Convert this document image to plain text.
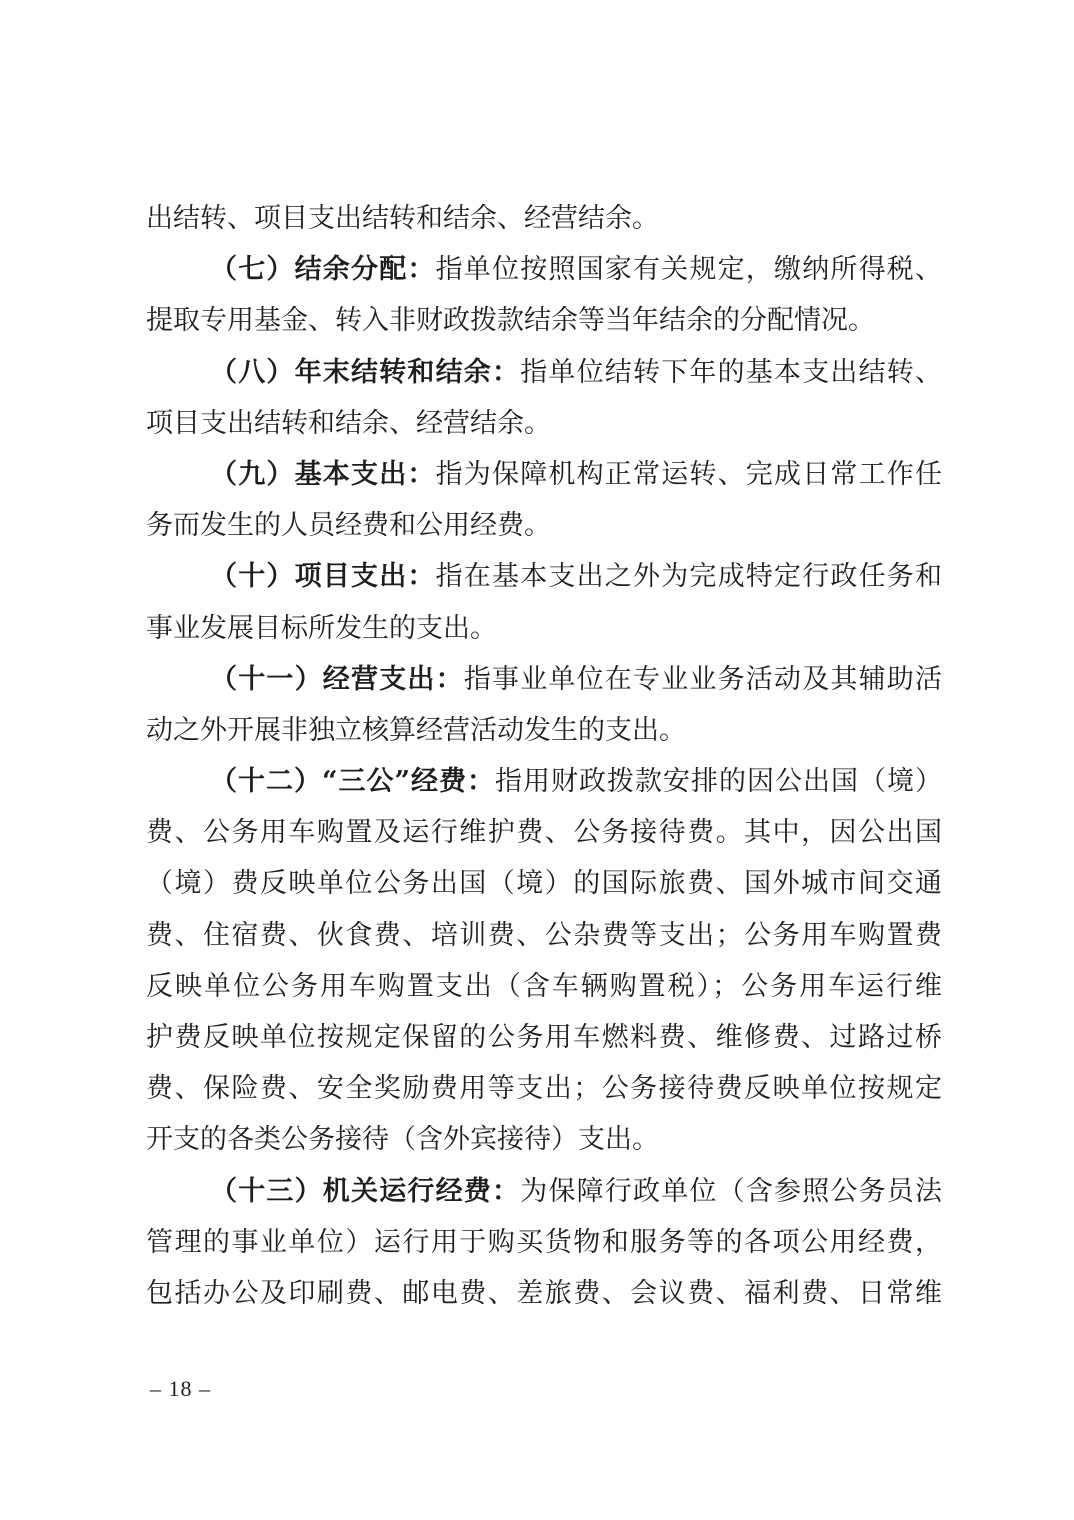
出结转、项目支出结转和结余、经营结余。
（七）结余分配：指单位按照国家有关规定，缴纳所得税、
提取专用基金、转入非财政拨款结余等当年结余的分配情况。
（八）年末结转和结余：指单位结转下年的基本支出结转、
项目支出结转和结余、经营结余。
（九）基本支出：指为保障机构正常运转、完成日常工作任
务而发生的人员经费和公用经费。
（十）项目支出：指在基本支出之外为完成特定行政任务和
事业发展目标所发生的支出。
（十一）经营支出：指事业单位在专业业务活动及其辅助活
动之外开展非独立核算经营活动发生的支出。
（十二）“三公”经费：指用财政拨款安排的因公出国（境）
费、公务用车购置及运行维护费、公务接待费。其中，因公出国
（境）费反映单位公务出国（境）的国际旅费、国外城市间交通
费、住宿费、伙食费、培训费、公杂费等支出；公务用车购置费
反映单位公务用车购置支出（含车辆购置税）；公务用车运行维
护费反映单位按规定保留的公务用车燃料费、维修费、过路过桥
费、保险费、安全奖励费用等支出；公务接待费反映单位按规定
开支的各类公务接待（含外宾接待）支出。
（十三）机关运行经费：为保障行政单位（含参照公务员法
管理的事业单位）运行用于购买货物和服务等的各项公用经费，
包括办公及印刷费、邮电费、差旅费、会议费、福利费、日常维
– 18 –
